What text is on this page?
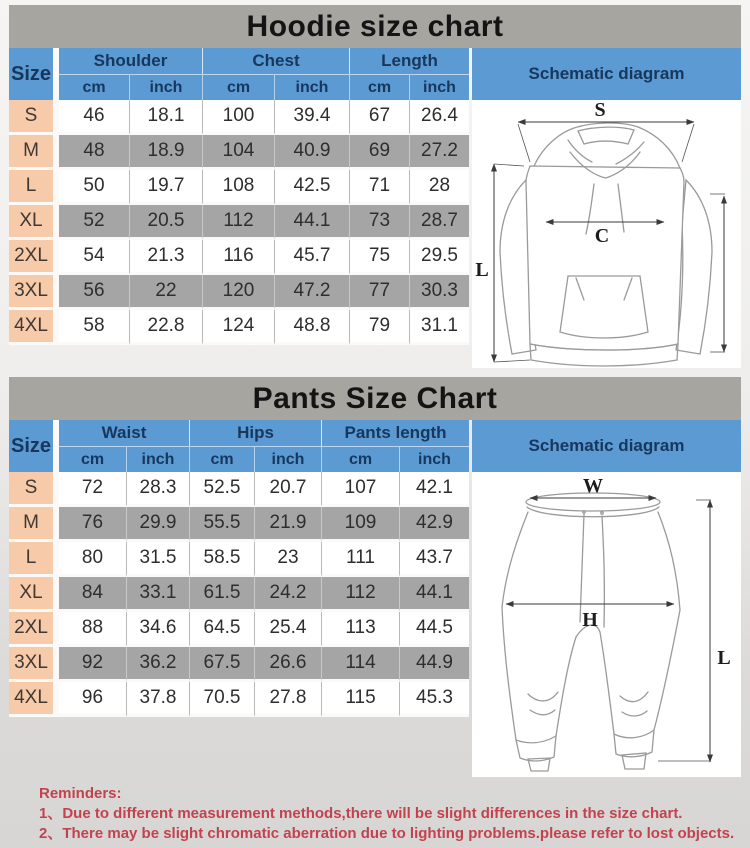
Hoodie size chart
Size
Shoulder	Chest	Length
cm	inch	cm	inch	cm	inch
S	46	18.1	100	39.4	67	26.4
M	48	18.9	104	40.9	69	27.2
L	50	19.7	108	42.5	71	28
XL	52	20.5	112	44.1	73	28.7
2XL	54	21.3	116	45.7	75	29.5
3XL	56	22	120	47.2	77	30.3
4XL	58	22.8	124	48.8	79	31.1
Schematic diagram
S
C
L
Pants Size Chart
Size
Waist	Hips	Pants length
cm	inch	cm	inch	cm	inch
S	72	28.3	52.5	20.7	107	42.1
M	76	29.9	55.5	21.9	109	42.9
L	80	31.5	58.5	23	111	43.7
XL	84	33.1	61.5	24.2	112	44.1
2XL	88	34.6	64.5	25.4	113	44.5
3XL	92	36.2	67.5	26.6	114	44.9
4XL	96	37.8	70.5	27.8	115	45.3
Schematic diagram
W
H
L
Reminders:
1、Due to different measurement methods,there will be slight differences in the size chart.
2、There may be slight chromatic aberration due to lighting problems.please refer to lost objects.
